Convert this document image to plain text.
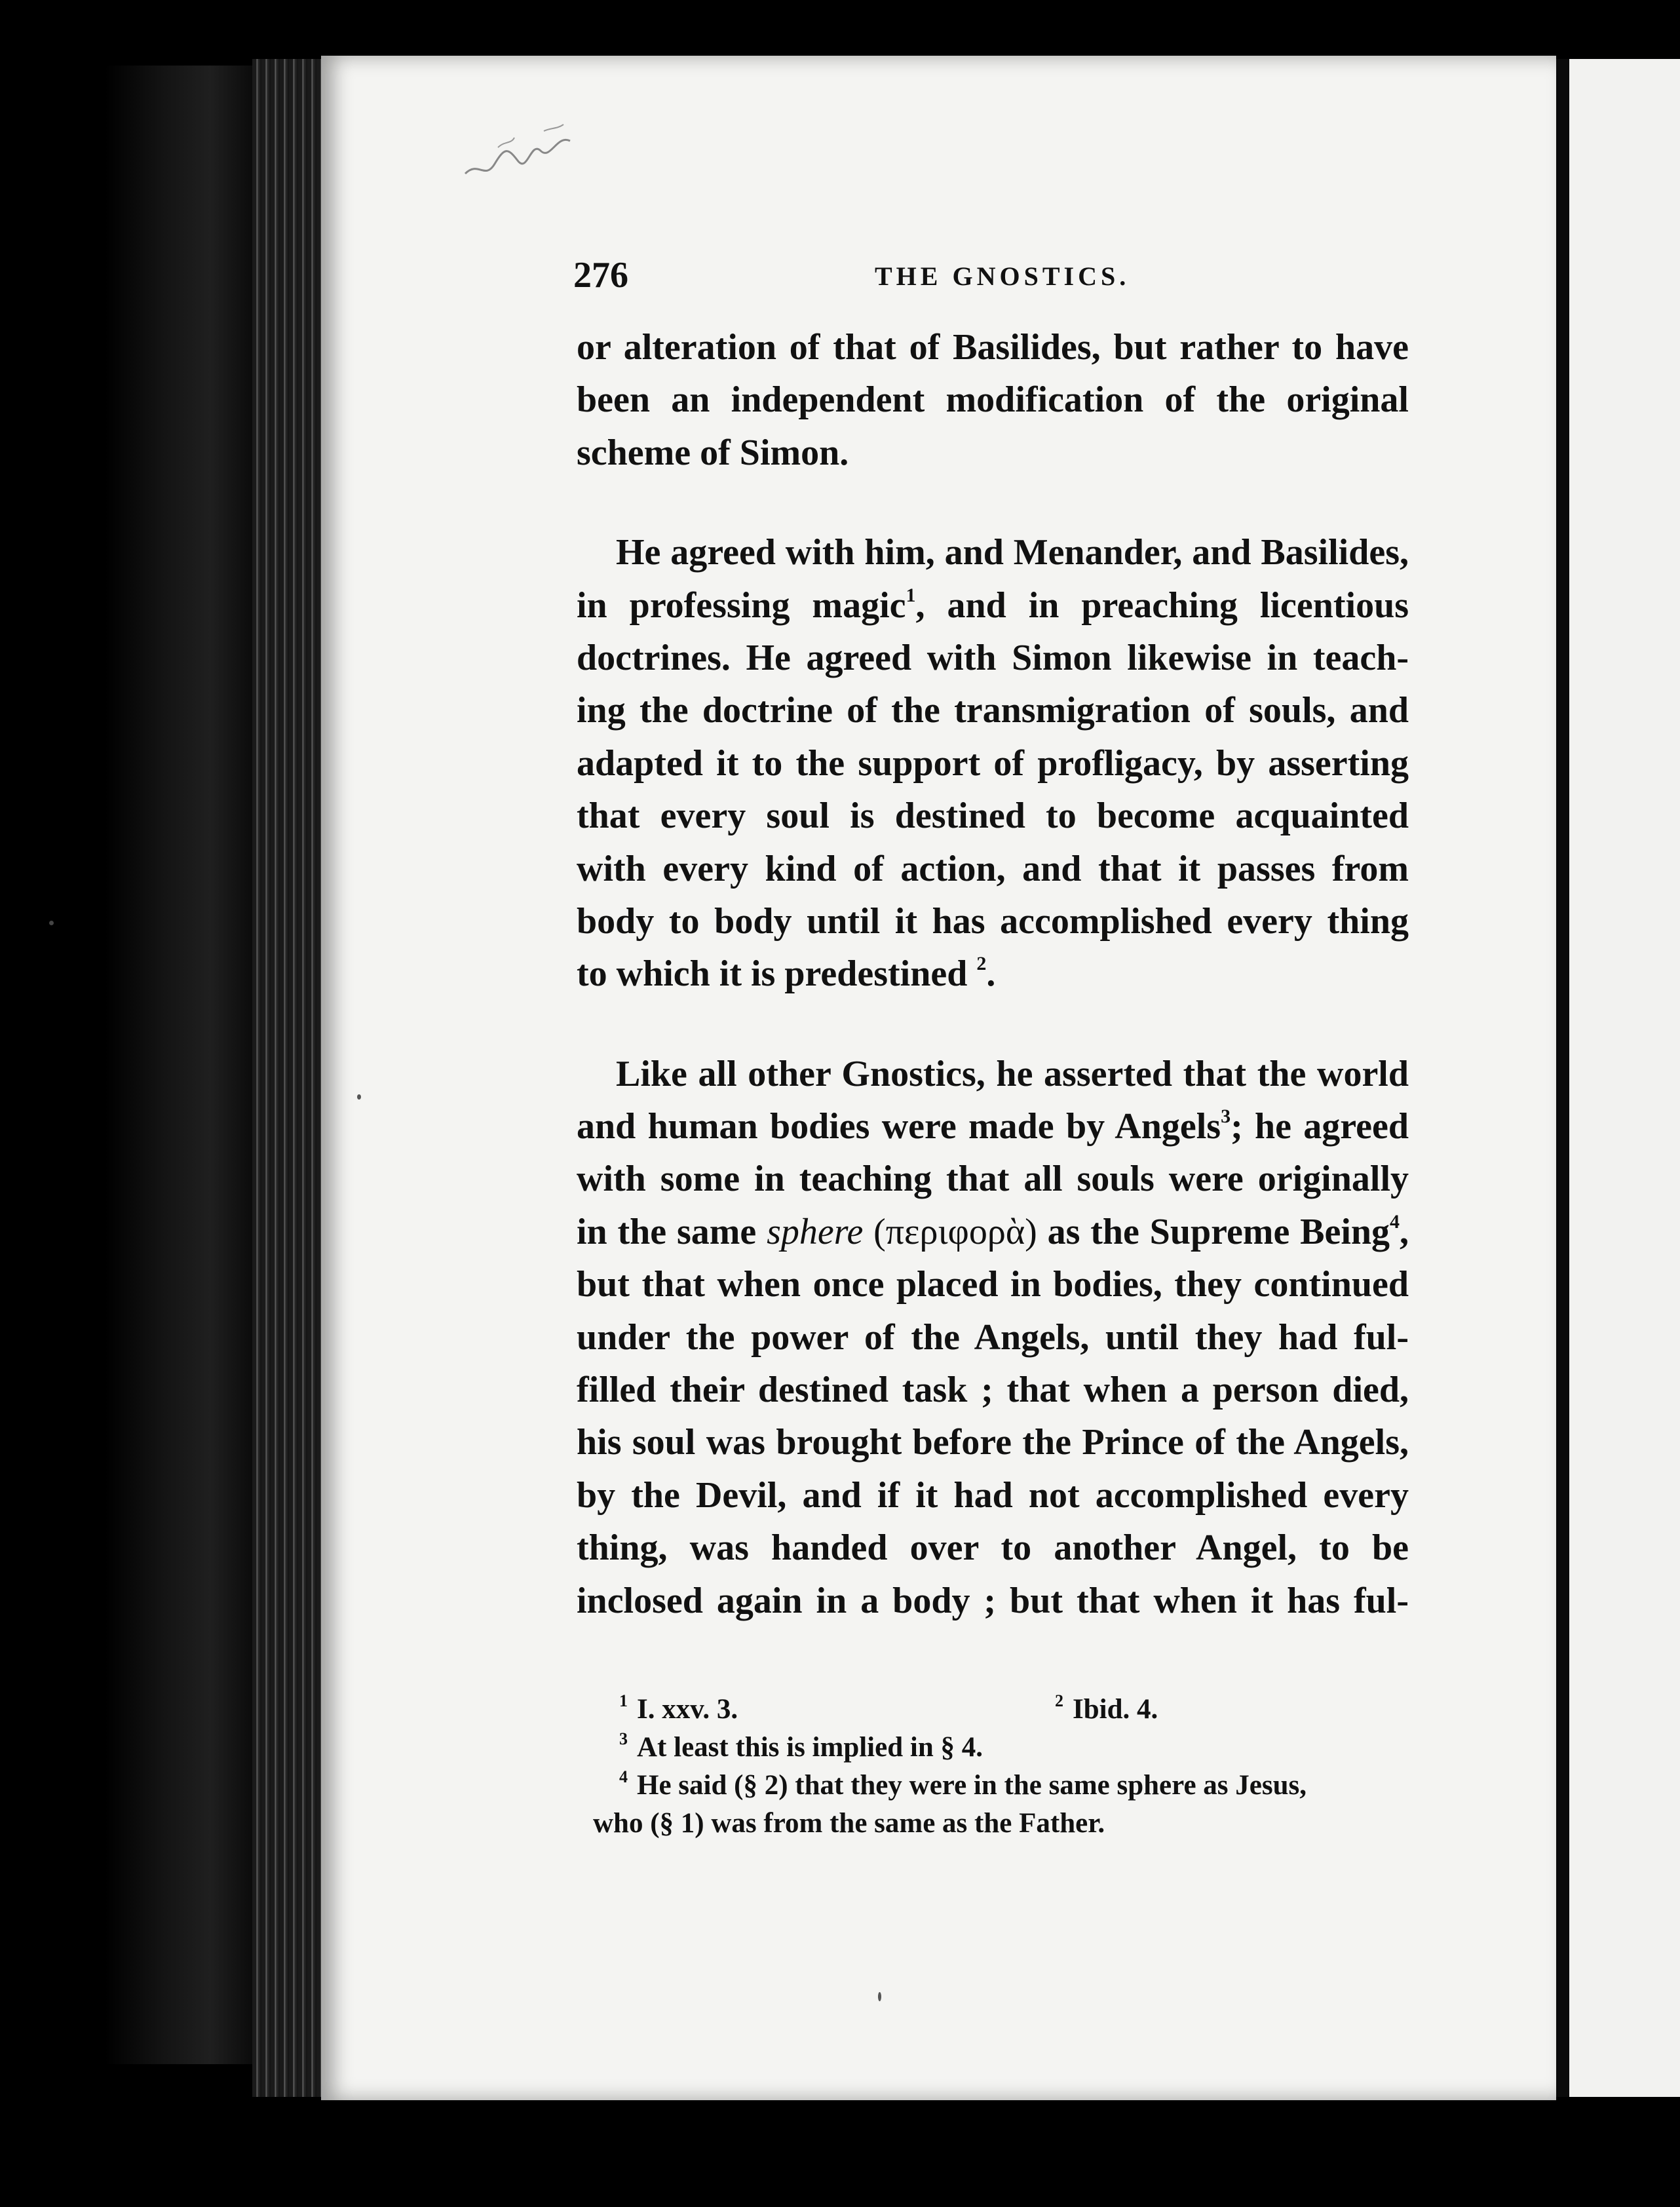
276	THE GNOSTICS.
or alteration of that of Basilides, but rather to have
been an independent modification of the original
scheme of Simon.
He agreed with him, and Menander, and Basilides,
in professing magic$^1$, and in preaching licentious
doctrines. He agreed with Simon likewise in teach-
ing the doctrine of the transmigration of souls, and
adapted it to the support of profligacy, by asserting
that every soul is destined to become acquainted
with every kind of action, and that it passes from
body to body until it has accomplished every thing
to which it is predestined $^2$.
Like all other Gnostics, he asserted that the world
and human bodies were made by Angels$^3$; he agreed
with some in teaching that all souls were originally
in the same sphere (περιφορὰ) as the Supreme Being$^4$,
but that when once placed in bodies, they continued
under the power of the Angels, until they had ful-
filled their destined task ; that when a person died,
his soul was brought before the Prince of the Angels,
by the Devil, and if it had not accomplished every
thing, was handed over to another Angel, to be
inclosed again in a body ; but that when it has ful-
$^1$ I. xxv. 3.	$^2$ Ibid. 4.
$^3$ At least this is implied in § 4.
$^4$ He said (§ 2) that they were in the same sphere as Jesus,
who (§ 1) was from the same as the Father.
